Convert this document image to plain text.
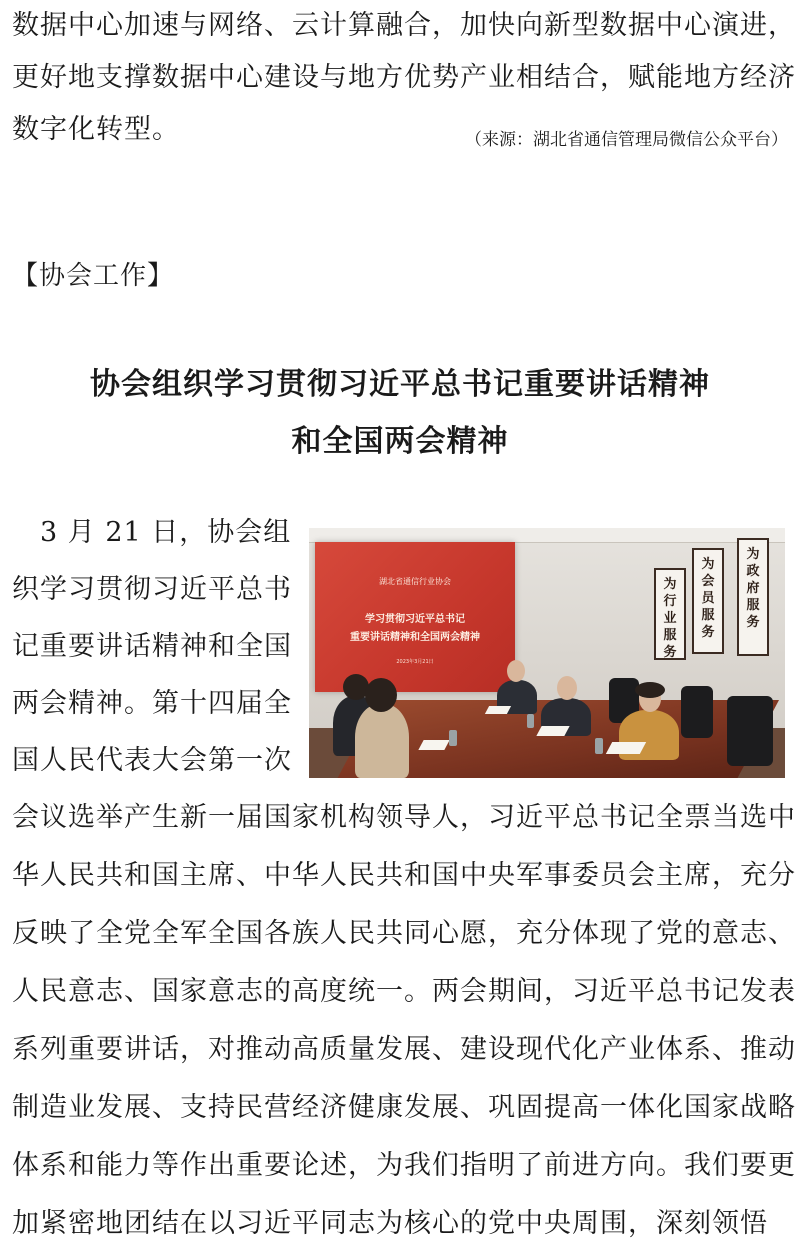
数据中心加速与网络、云计算融合，加快向新型数据中心演进，
更好地支撑数据中心建设与地方优势产业相结合，赋能地方经济
数字化转型。	（来源：湖北省通信管理局微信公众平台）
【协会工作】
协会组织学习贯彻习近平总书记重要讲话精神
和全国两会精神
　3 月 21 日，协会组
织学习贯彻习近平总书
记重要讲话精神和全国
两会精神。第十四届全
国人民代表大会第一次
湖北省通信行业协会
学习贯彻习近平总书记
重要讲话精神和全国两会精神
2023年3月21日
为
行
业
服
务
为
会
员
服
务
为
政
府
服
务
会议选举产生新一届国家机构领导人，习近平总书记全票当选中
华人民共和国主席、中华人民共和国中央军事委员会主席，充分
反映了全党全军全国各族人民共同心愿，充分体现了党的意志、
人民意志、国家意志的高度统一。两会期间，习近平总书记发表
系列重要讲话，对推动高质量发展、建设现代化产业体系、推动
制造业发展、支持民营经济健康发展、巩固提高一体化国家战略
体系和能力等作出重要论述，为我们指明了前进方向。我们要更
加紧密地团结在以习近平同志为核心的党中央周围，深刻领悟
